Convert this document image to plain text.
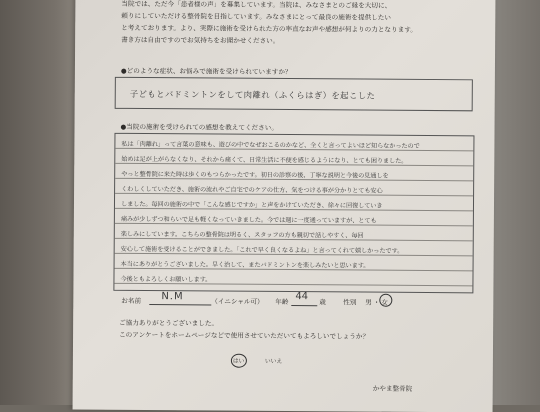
当院では、ただ今「患者様の声」を募集しています。当院は、みなさまとのご縁を大切に、
頼りにしていただける整骨院を目指しています。みなさまにとって最良の施術を提供したい
と考えております。より、実際に施術を受けられた方の率直なお声や感想が何よりの力となります。
書き方は自由ですのでお気持ちをお聞かせください。
●どのような症状、お悩みで施術を受けられていますか？
子どもとバドミントンをして肉離れ（ふくらはぎ）を起こした
●当院の施術を受けられての感想を教えてください。
私は「肉離れ」って言葉の意味も、遊びの中でなぜおこるのかなど、全くと言ってよいほど知らなかったので
始めは足が上がらなくなり、それから痛くて、日常生活に不便を感じるようになり、とても困りました。
やっと整骨院に来た時は歩くのもつらかったです。初日の診察の後、丁寧な説明と今後の見通しを
くわしくしていただき、施術の流れやご自宅でのケアの仕方、気をつける事が分かりとても安心
しました。毎回の施術の中で「こんな感じですか」と声をかけていただき、徐々に回復していき
痛みが少しずつ和らいで足も軽くなっていきました。今では週に一度通っていますが、とても
楽しみにしています。こちらの整骨院は明るく、スタッフの方も親切で話しやすく、毎回
安心して施術を受けることができました。「これで早く良くなるよね」と言ってくれて嬉しかったです。
本当にありがとうございました。早く治して、またバドミントンを楽しみたいと思います。
今後ともよろしくお願いします。
お名前 N.M	（イニシャル可） 年齢 44
歳	性別 男 ・ 女
ご協力ありがとうございました。
このアンケートをホームページなどで使用させていただいてもよろしいでしょうか？
はい	いいえ
かやま整骨院
